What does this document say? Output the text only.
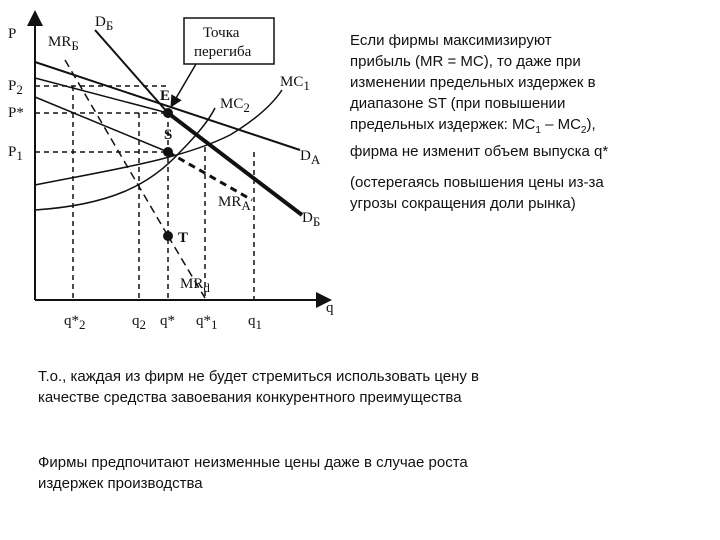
P
q
Точка
перегиба
E
S
T
P2
P*
P1
q*2	q2 q* q*1 q1
MRБ
DБ
MC1
MC2
DA
MRA
DБ
MRd

Если фирмы максимизируют

прибыль (MR = MC), то даже при

изменении предельных издержек в

диапазоне ST (при повышении

предельных издержек: $MC_1 - MC_2$),

фирма не изменит объем выпуска q*

(остерегаясь повышения цены из-за
угрозы сокращения доли рынка)

Т.о., каждая из фирм не будет стремиться использовать цену в
качестве средства завоевания конкурентного преимущества

Фирмы предпочитают неизменные цены даже в случае роста
издержек производства
